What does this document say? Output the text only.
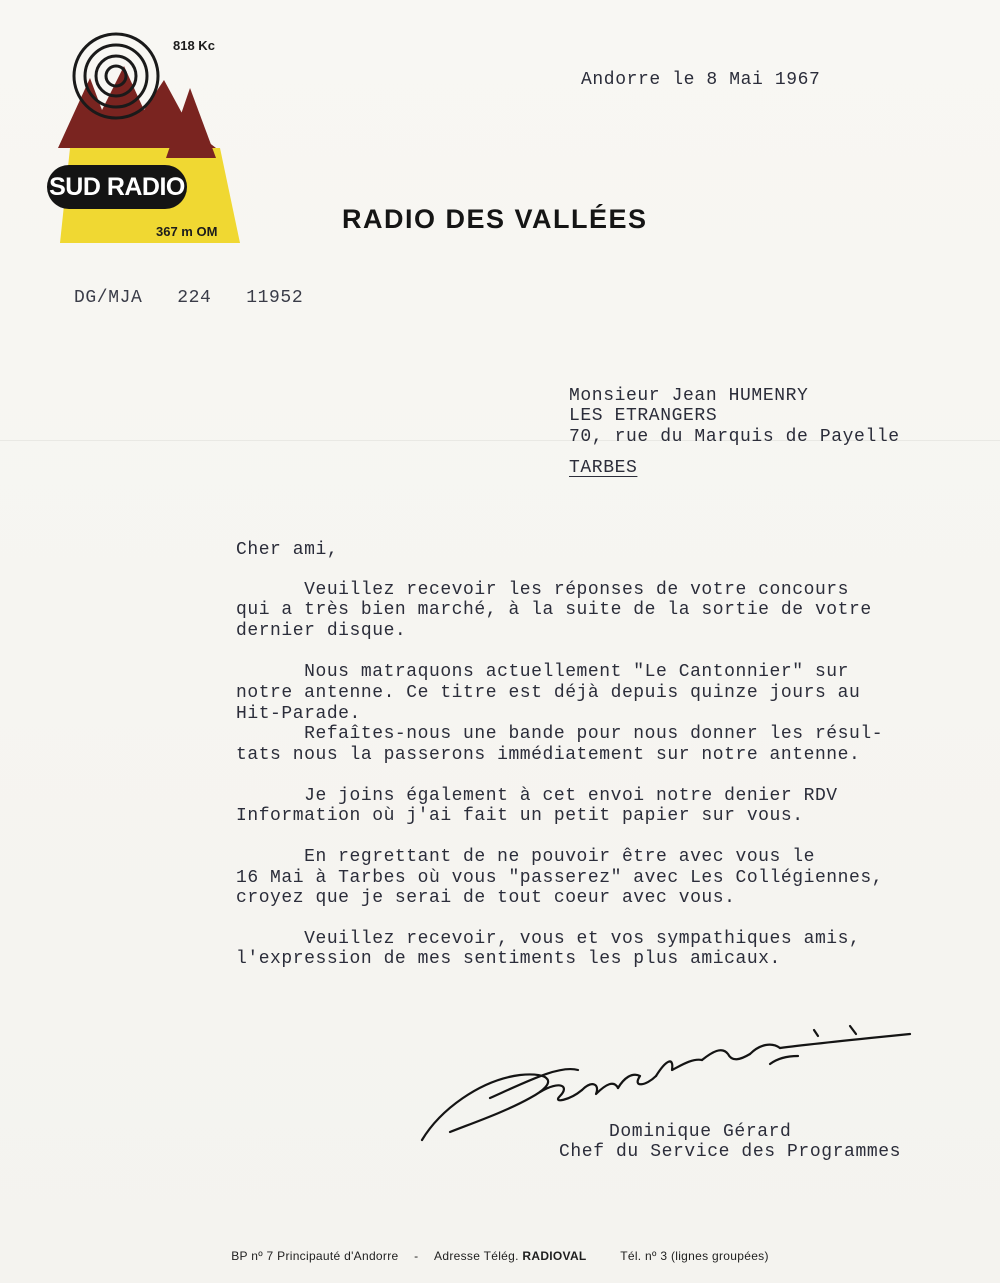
818 Kc
SUD RADIO
367 m OM	RADIO DES VALLÉES
Andorre le 8 Mai 1967
DG/MJA  224  11952
Monsieur Jean HUMENRY
LES ETRANGERS
70, rue du Marquis de Payelle
TARBES
Cher ami,
Veuillez recevoir les réponses de votre concours
qui a très bien marché, à la suite de la sortie de votre
dernier disque.
Nous matraquons actuellement "Le Cantonnier" sur
notre antenne. Ce titre est déjà depuis quinze jours au
Hit-Parade.
Refaîtes-nous une bande pour nous donner les résul-
tats nous la passerons immédiatement sur notre antenne.
Je joins également à cet envoi notre denier RDV
Information où j'ai fait un petit papier sur vous.
En regrettant de ne pouvoir être avec vous le
16 Mai à Tarbes où vous "passerez" avec Les Collégiennes,
croyez que je serai de tout coeur avec vous.
Veuillez recevoir, vous et vos sympathiques amis,
l'expression de mes sentiments les plus amicaux.
Dominique Gérard
Chef du Service des Programmes
BP nº 7 Principauté d'Andorre - Adresse Télég. RADIOVAL	Tél. nº 3 (lignes groupées)
